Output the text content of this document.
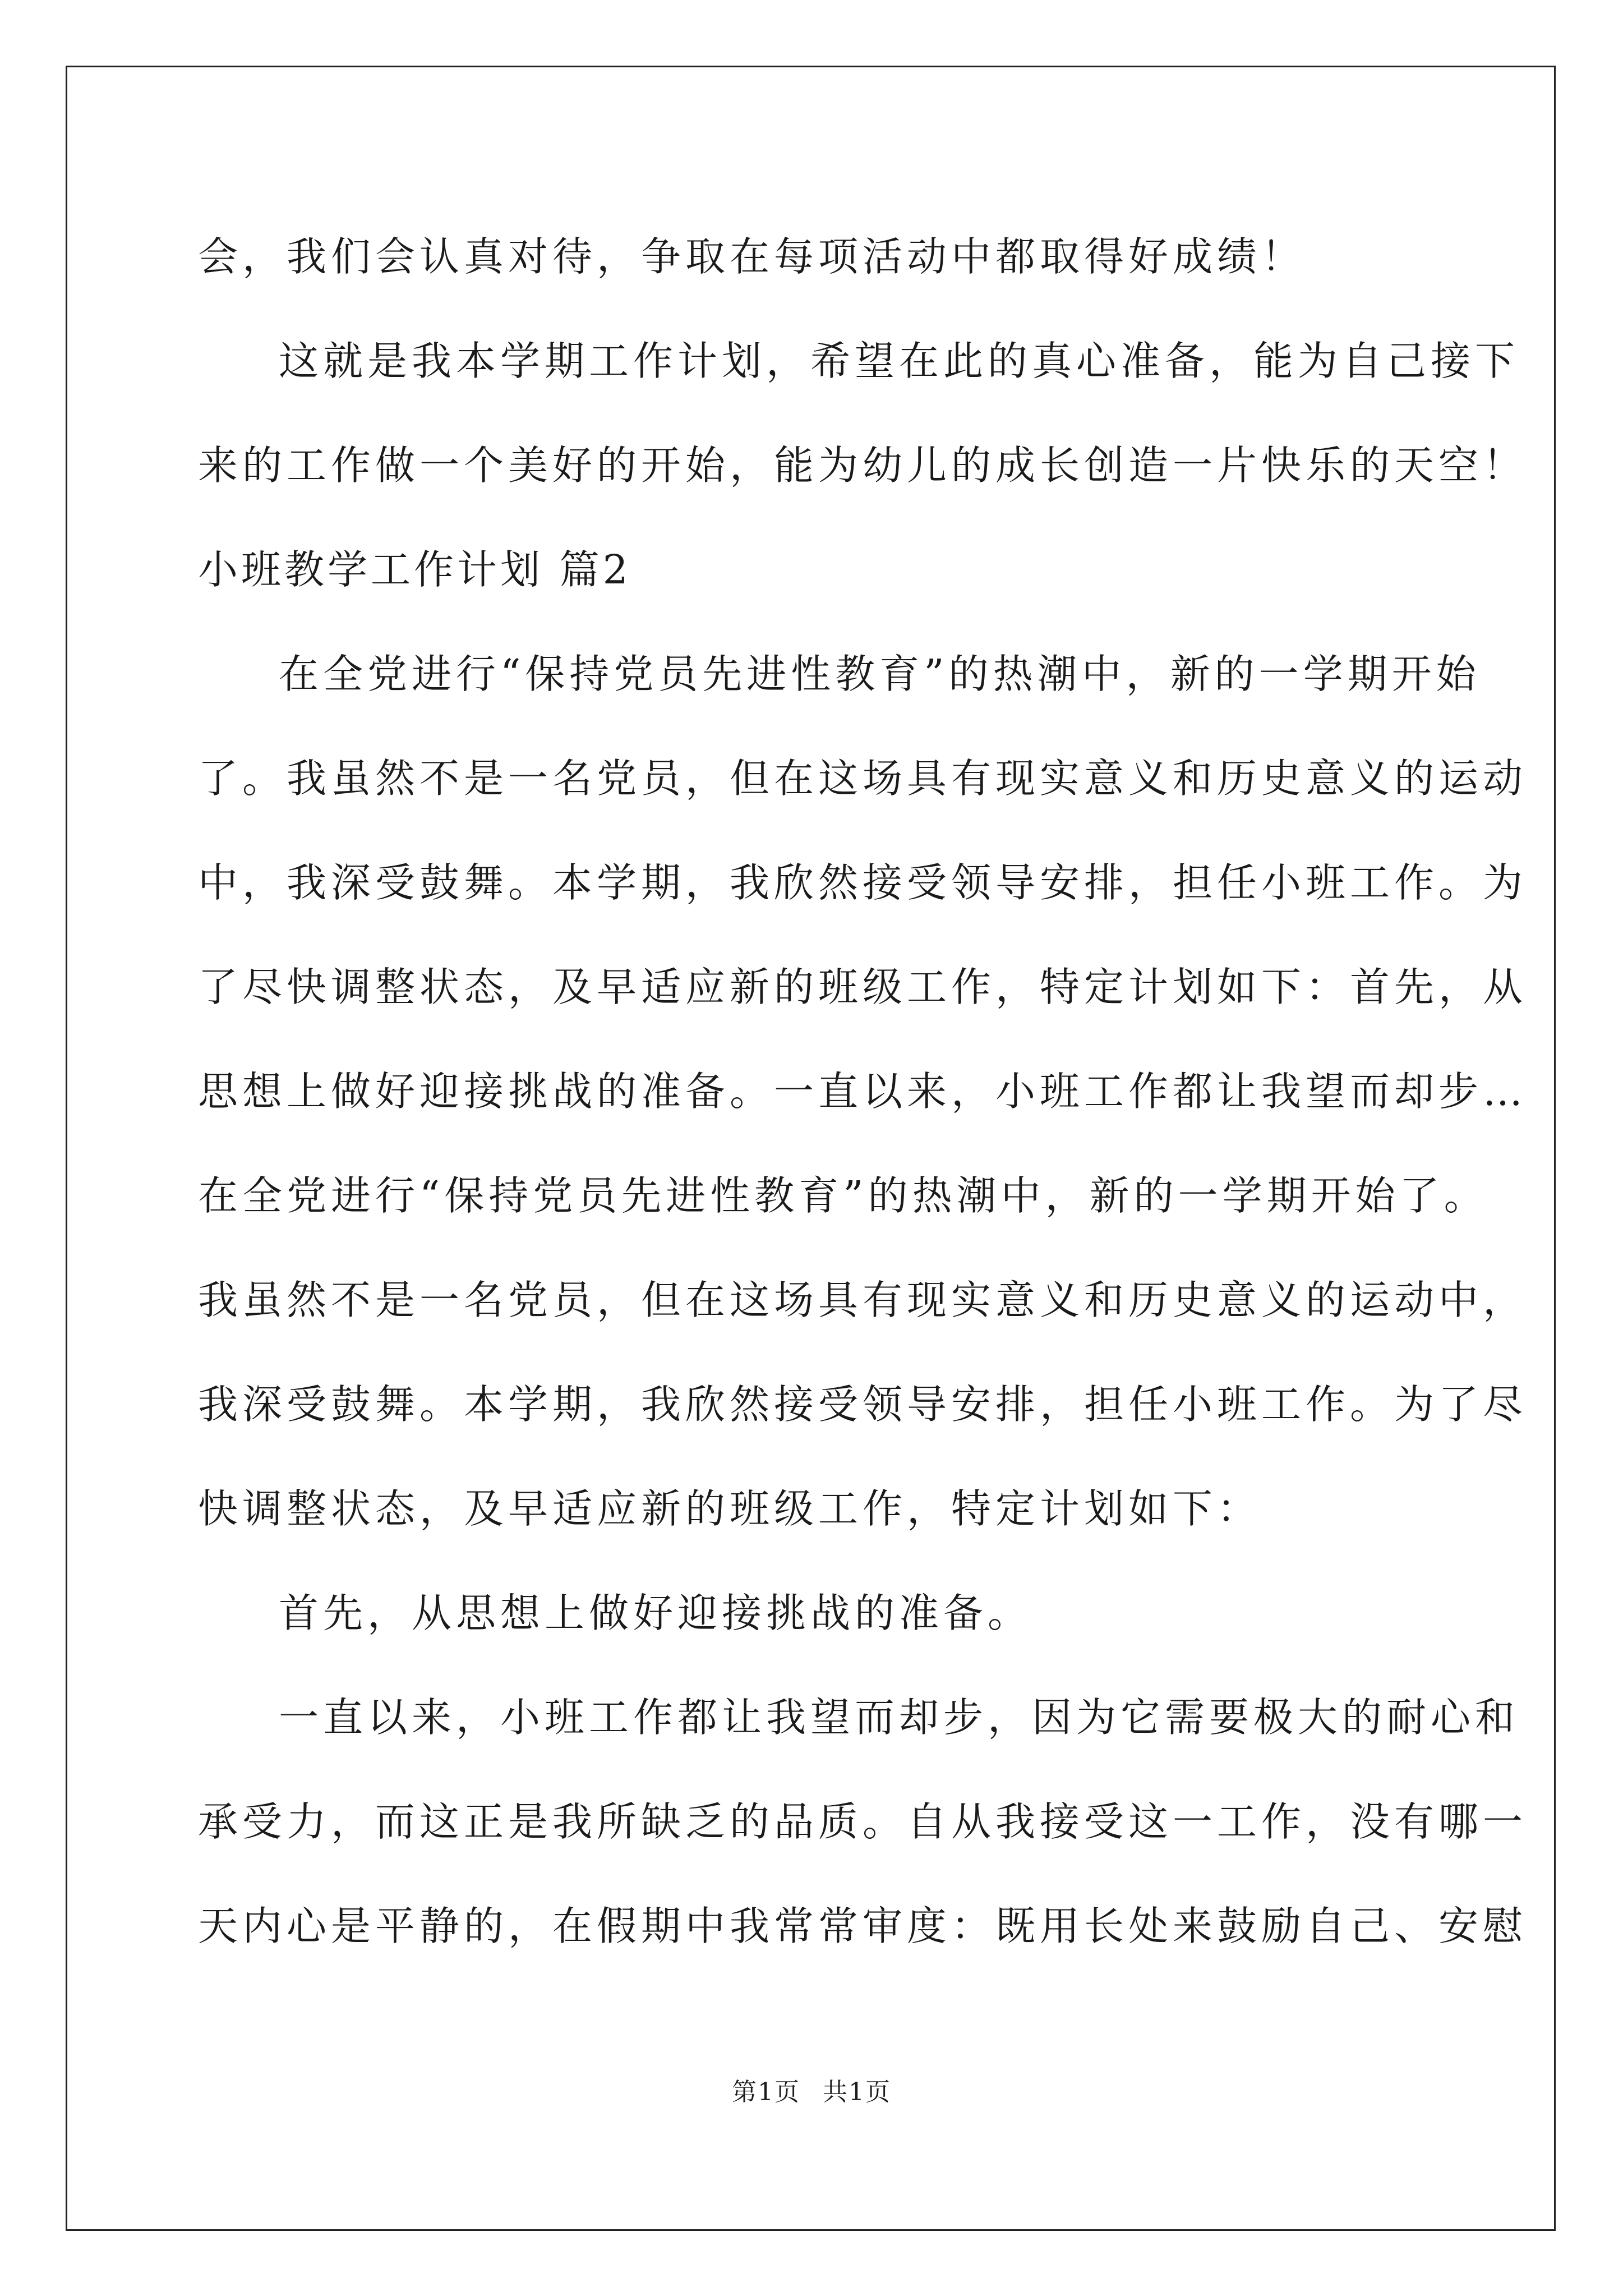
会，我们会认真对待，争取在每项活动中都取得好成绩！
这就是我本学期工作计划，希望在此的真心准备，能为自己接下
来的工作做一个美好的开始，能为幼儿的成长创造一片快乐的天空！
小班教学工作计划 篇2
在全党进行“保持党员先进性教育”的热潮中，新的一学期开始
了。我虽然不是一名党员，但在这场具有现实意义和历史意义的运动
中，我深受鼓舞。本学期，我欣然接受领导安排，担任小班工作。为
了尽快调整状态，及早适应新的班级工作，特定计划如下：首先，从
思想上做好迎接挑战的准备。一直以来，小班工作都让我望而却步…
在全党进行“保持党员先进性教育”的热潮中，新的一学期开始了。
我虽然不是一名党员，但在这场具有现实意义和历史意义的运动中，
我深受鼓舞。本学期，我欣然接受领导安排，担任小班工作。为了尽
快调整状态，及早适应新的班级工作，特定计划如下：
首先，从思想上做好迎接挑战的准备。
一直以来，小班工作都让我望而却步，因为它需要极大的耐心和
承受力，而这正是我所缺乏的品质。自从我接受这一工作，没有哪一
天内心是平静的，在假期中我常常审度：既用长处来鼓励自己、安慰
第1页 共1页
